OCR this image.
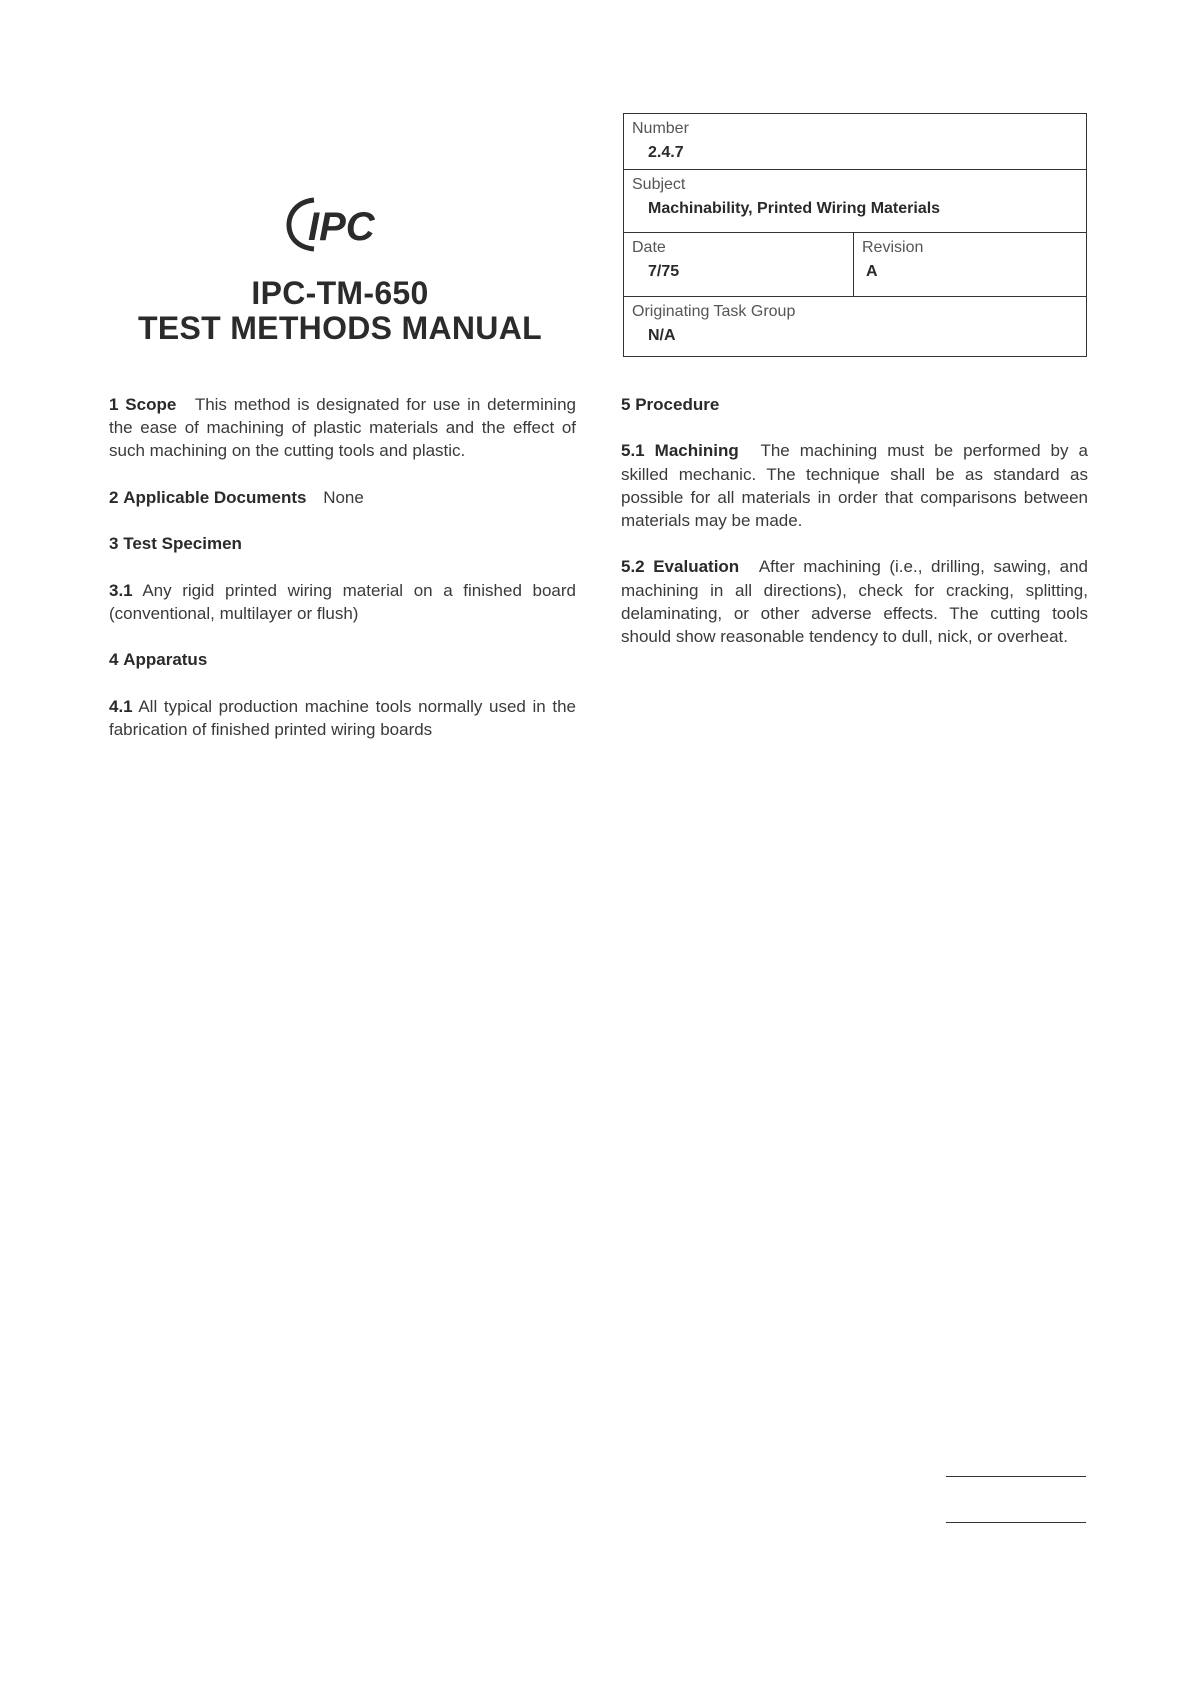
IPC
IPC-TM-650
TEST METHODS MANUAL
Number
2.4.7
Subject
Machinability, Printed Wiring Materials
Date
7/75
Revision
A
Originating Task Group
N/A

1 Scope This method is designated for use in determining the ease of machining of plastic materials and the effect of such machining on the cutting tools and plastic.

2 Applicable Documents None

3 Test Specimen

3.1 Any rigid printed wiring material on a finished board (conventional, multilayer or flush)

4 Apparatus

4.1 All typical production machine tools normally used in the fabrication of finished printed wiring boards

5 Procedure

5.1 Machining The machining must be performed by a skilled mechanic. The technique shall be as standard as possible for all materials in order that comparisons between materials may be made.

5.2 Evaluation After machining (i.e., drilling, sawing, and machining in all directions), check for cracking, splitting, delaminating, or other adverse effects. The cutting tools should show reasonable tendency to dull, nick, or overheat.
